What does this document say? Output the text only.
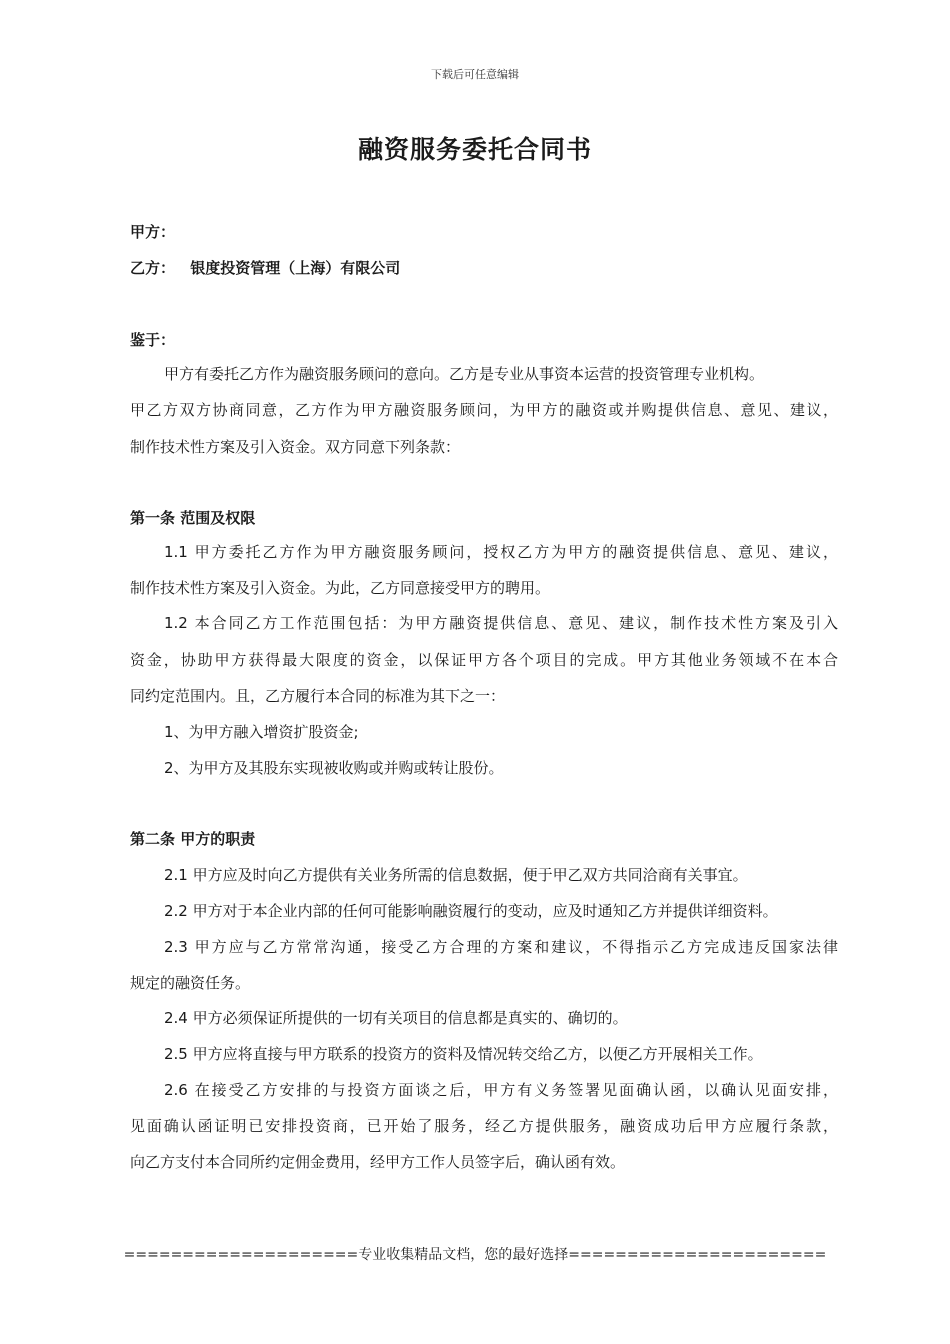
下载后可任意编辑
融资服务委托合同书
甲方：
乙方： 银度投资管理（上海）有限公司
鉴于：
甲方有委托乙方作为融资服务顾问的意向。乙方是专业从事资本运营的投资管理专业机构。
甲乙方双方协商同意，乙方作为甲方融资服务顾问，为甲方的融资或并购提供信息、意见、建议，
制作技术性方案及引入资金。双方同意下列条款：
第一条 范围及权限
1.1 甲方委托乙方作为甲方融资服务顾问，授权乙方为甲方的融资提供信息、意见、建议，
制作技术性方案及引入资金。为此，乙方同意接受甲方的聘用。
1.2 本合同乙方工作范围包括：为甲方融资提供信息、意见、建议，制作技术性方案及引入
资金，协助甲方获得最大限度的资金，以保证甲方各个项目的完成。甲方其他业务领域不在本合
同约定范围内。且，乙方履行本合同的标准为其下之一：
1、为甲方融入增资扩股资金;
2、为甲方及其股东实现被收购或并购或转让股份。
第二条 甲方的职责
2.1 甲方应及时向乙方提供有关业务所需的信息数据，便于甲乙双方共同洽商有关事宜。
2.2 甲方对于本企业内部的任何可能影响融资履行的变动，应及时通知乙方并提供详细资料。
2.3 甲方应与乙方常常沟通，接受乙方合理的方案和建议，不得指示乙方完成违反国家法律
规定的融资任务。
2.4 甲方必须保证所提供的一切有关项目的信息都是真实的、确切的。
2.5 甲方应将直接与甲方联系的投资方的资料及情况转交给乙方，以便乙方开展相关工作。
2.6 在接受乙方安排的与投资方面谈之后，甲方有义务签署见面确认函，以确认见面安排，
见面确认函证明已安排投资商，已开始了服务，经乙方提供服务，融资成功后甲方应履行条款，
向乙方支付本合同所约定佣金费用，经甲方工作人员签字后，确认函有效。
====================专业收集精品文档，您的最好选择======================
